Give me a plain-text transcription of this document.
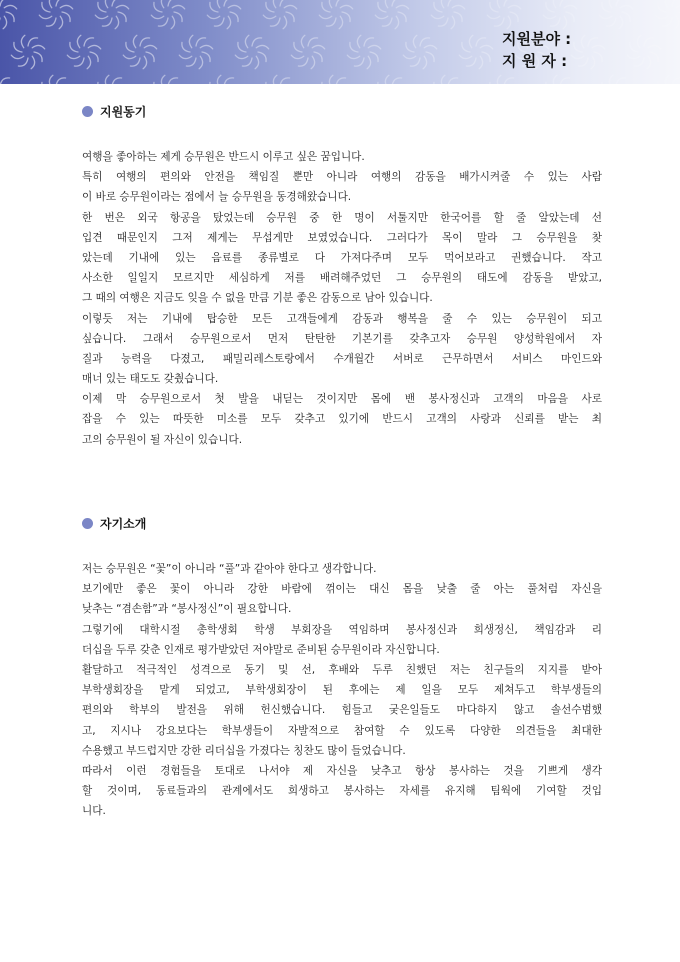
지원분야 :
지 원 자 :
지원동기
여행을 좋아하는 제게 승무원은 반드시 이루고 싶은 꿈입니다.
특히 여행의 편의와 안전을 책임질 뿐만 아니라 여행의 감동을 배가시켜줄 수 있는 사람
이 바로 승무원이라는 점에서 늘 승무원을 동경해왔습니다.
한 번은 외국 항공을 탔었는데 승무원 중 한 명이 서툴지만 한국어를 할 줄 알았는데 선
입견 때문인지 그저 제게는 무섭게만 보였었습니다. 그러다가 목이 말라 그 승무원을 찾
았는데 기내에 있는 음료를 종류별로 다 가져다주며 모두 먹어보라고 권했습니다. 작고
사소한 일일지 모르지만 세심하게 저를 배려해주었던 그 승무원의 태도에 감동을 받았고,
그 때의 여행은 지금도 잊을 수 없을 만큼 기분 좋은 감동으로 남아 있습니다.
이렇듯 저는 기내에 탑승한 모든 고객들에게 감동과 행복을 줄 수 있는 승무원이 되고
싶습니다. 그래서 승무원으로서 먼저 탄탄한 기본기를 갖추고자 승무원 양성학원에서 자
질과 능력을 다졌고, 패밀리레스토랑에서 수개월간 서버로 근무하면서 서비스 마인드와
매너 있는 태도도 갖췄습니다.
이제 막 승무원으로서 첫 발을 내딛는 것이지만 몸에 밴 봉사정신과 고객의 마음을 사로
잡을 수 있는 따뜻한 미소를 모두 갖추고 있기에 반드시 고객의 사랑과 신뢰를 받는 최
고의 승무원이 될 자신이 있습니다.
자기소개
저는 승무원은 “꽃”이 아니라 “풀”과 같아야 한다고 생각합니다.
보기에만 좋은 꽃이 아니라 강한 바람에 꺾이는 대신 몸을 낮출 줄 아는 풀처럼 자신을
낮추는 “겸손함”과 “봉사정신”이 필요합니다.
그렇기에 대학시절 총학생회 학생 부회장을 역임하며 봉사정신과 희생정신, 책임감과 리
더십을 두루 갖춘 인재로 평가받았던 저야말로 준비된 승무원이라 자신합니다.
활달하고 적극적인 성격으로 동기 및 선, 후배와 두루 친했던 저는 친구들의 지지를 받아
부학생회장을 맡게 되었고, 부학생회장이 된 후에는 제 일을 모두 제쳐두고 학부생들의
편의와 학부의 발전을 위해 헌신했습니다. 힘들고 궂은일들도 마다하지 않고 솔선수범했
고, 지시나 강요보다는 학부생들이 자발적으로 참여할 수 있도록 다양한 의견들을 최대한
수용했고 부드럽지만 강한 리더십을 가졌다는 칭찬도 많이 들었습니다.
따라서 이런 경험들을 토대로 나서야 제 자신을 낮추고 항상 봉사하는 것을 기쁘게 생각
할 것이며, 동료들과의 관계에서도 희생하고 봉사하는 자세를 유지해 팀웍에 기여할 것입
니다.
